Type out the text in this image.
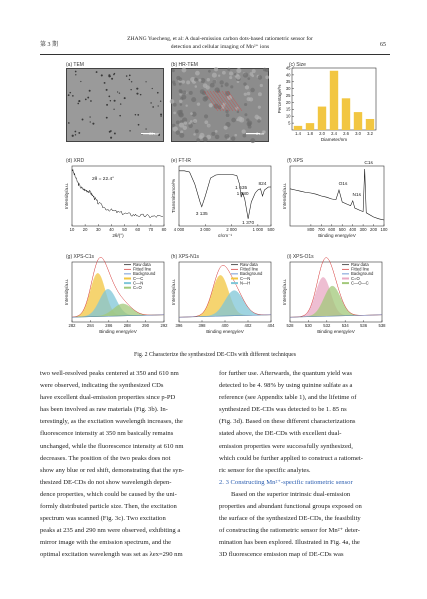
第 3 期
ZHANG Yuecheng, et al: A dual-emission carbon dots-based ratiometric sensor for
detection and cellular imaging of Mn²⁺ ions	65
(a) TEM
20 nm
(b) HR-TEM
2 nm
(c) Size
5
10
15
20
25
30
35
40
45
1.4 1.8 2.0 2.4 2.6 3.0 3.2
Diameter/nm
Percentage/%
(d) XRD
10 20 30 40 50 60 70 80
2θ/(°)
Intensity/a.u.
2θ = 22.4°
(e) FT-IR
4 000	3 000	2 000	1 000 500
σ/cm⁻¹
Transmittance/%
3 135
1 635
1 580
1 370
824
(f) XPS
800 700 600 500 400 300 200 100
Binding energy/eV
Intensity/a.u.
C1s
O1s
N1s
(g) XPS-C1s
282	284	286	288	290	292
Binding energy/eV
Intensity/a.u.
Raw data
Fitted line
Background
C—C
C—N
C=O
(h) XPS-N1s
396	398	400	402	404
Binding energy/eV
Intensity/a.u.
Raw data
Fitted line
Background
C—N
N—H
(i) XPS-O1s
528	530	532	534	536	538
Binding energy/eV
Intensity/a.u.
Raw data
Fitted line
Background
C=O
C—O—C
Fig. 2 Characterize the synthesized DE-CDs with different techniques

two well-resolved peaks centered at 350 and 610 nm

were observed, indicating the synthesized CDs

have excellent dual-emission properties since p-PD

has been involved as raw materials (Fig. 3b). In-

terestingly, as the excitation wavelength increases, the

fluorescence intensity at 350 nm basically remains

unchanged, while the fluorescence intensity at 610 nm

decreases. The position of the two peaks does not

show any blue or red shift, demonstrating that the syn-

thesized DE-CDs do not show wavelength depen-

dence properties, which could be caused by the uni-

formly distributed particle size. Then, the excitation

spectrum was scanned (Fig. 3c). Two excitation

peaks at 235 and 290 nm were observed, exhibiting a

mirror image with the emission spectrum, and the

optimal excitation wavelength was set as λex=290 nm

for further use. Afterwards, the quantum yield was

detected to be 4. 98% by using quinine sulfate as a

reference (see Appendix table 1), and the lifetime of

synthesized DE-CDs was detected to be 1. 85 ns

(Fig. 3d). Based on these different characterizations

stated above, the DE-CDs with excellent dual-

emission properties were successfully synthesized,

which could be further applied to construct a ratiomet-

ric sensor for the specific analytes.

2. 3 Constructing Mn²⁺-specific ratiometric sensor

Based on the superior intrinsic dual-emission

properties and abundant functional groups exposed on

the surface of the synthesized DE-CDs, the feasibility

of constructing the ratiometric sensor for Mn²⁺ deter-

mination has been explored. Illustrated in Fig. 4a, the

3D fluorescence emission map of DE-CDs was
